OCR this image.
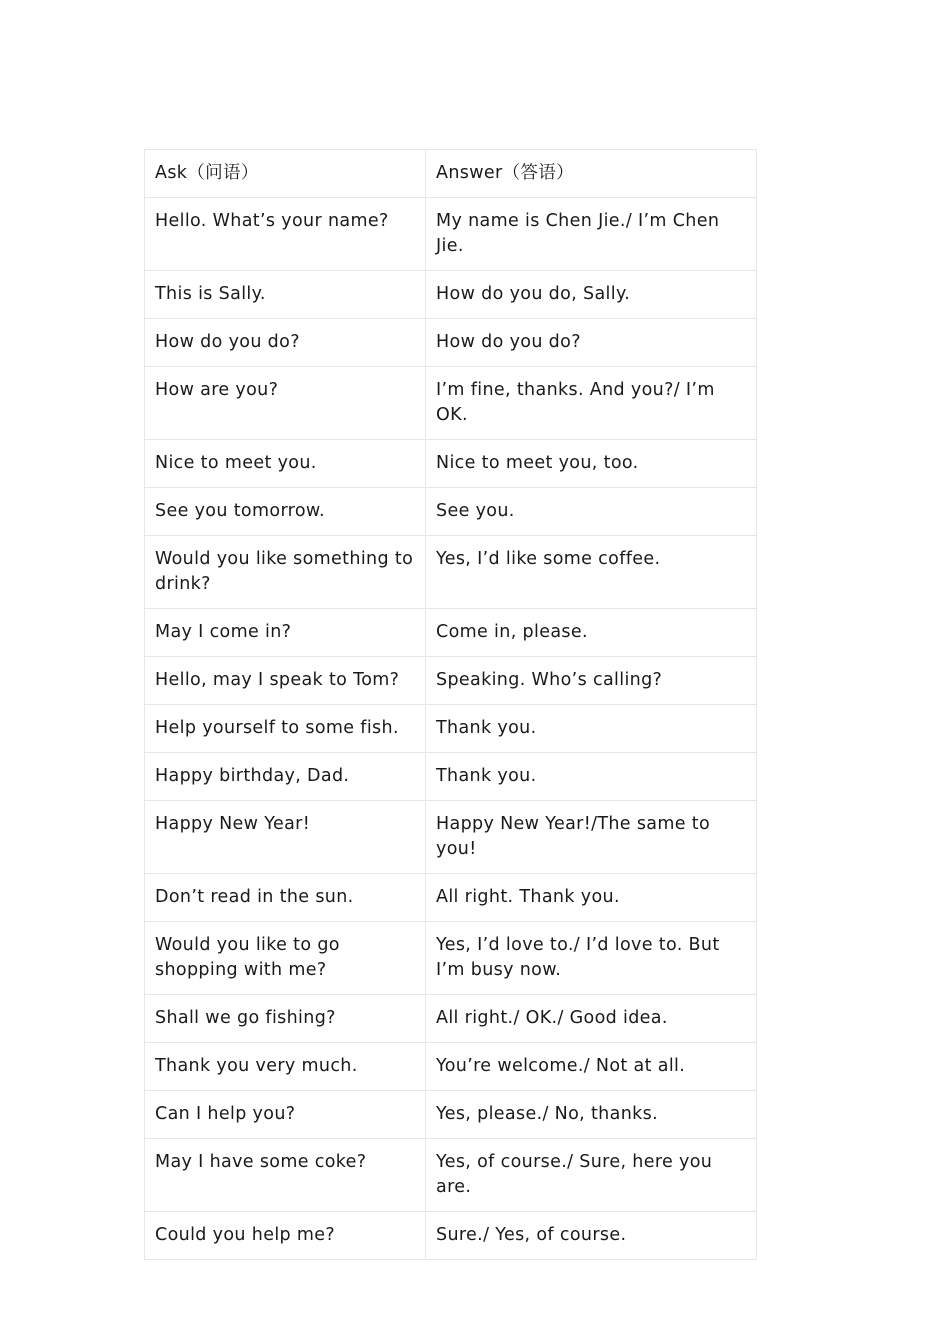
Ask（问语）	Answer（答语）
Hello. What’s your name?	My name is Chen Jie./ I’m Chen Jie.
This is Sally.	How do you do, Sally.
How do you do?	How do you do?
How are you?	I’m fine, thanks. And you?/ I’m OK.
Nice to meet you.	Nice to meet you, too.
See you tomorrow.	See you.
Would you like something to drink?	Yes, I’d like some coffee.
May I come in?	Come in, please.
Hello, may I speak to Tom?	Speaking. Who’s calling?
Help yourself to some fish.	Thank you.
Happy birthday, Dad.	Thank you.
Happy New Year!	Happy New Year!/The same to you!
Don’t read in the sun.	All right. Thank you.
Would you like to go shopping with me?	Yes, I’d love to./ I’d love to. But I’m busy now.
Shall we go fishing?	All right./ OK./ Good idea.
Thank you very much.	You’re welcome./ Not at all.
Can I help you?	Yes, please./ No, thanks.
May I have some coke?	Yes, of course./ Sure, here you are.
Could you help me?	Sure./ Yes, of course.
